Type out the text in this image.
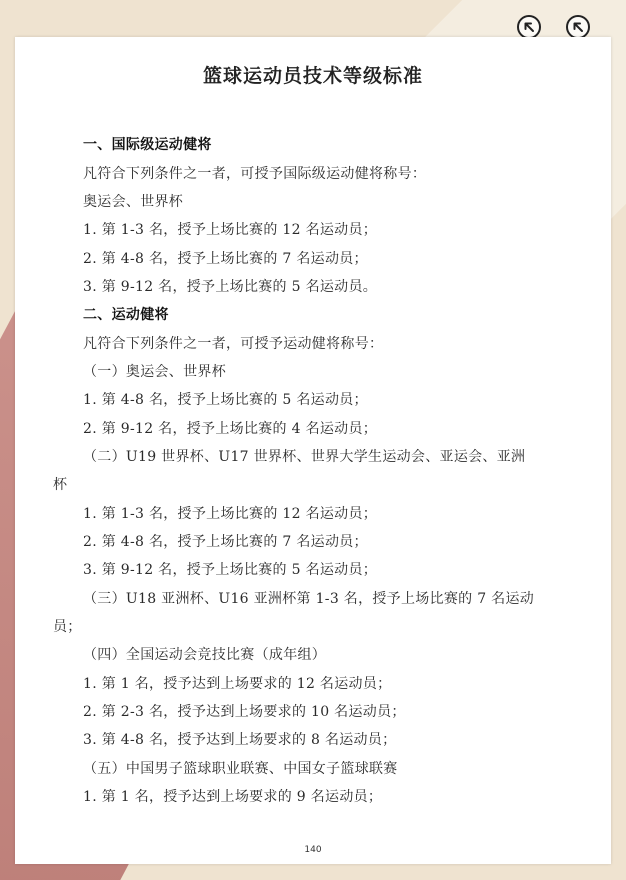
篮球运动员技术等级标准
一、国际级运动健将
凡符合下列条件之一者，可授予国际级运动健将称号：
奥运会、世界杯
1. 第 1-3 名，授予上场比赛的 12 名运动员；
2. 第 4-8 名，授予上场比赛的 7 名运动员；
3. 第 9-12 名，授予上场比赛的 5 名运动员。
二、运动健将
凡符合下列条件之一者，可授予运动健将称号：
（一）奥运会、世界杯
1. 第 4-8 名，授予上场比赛的 5 名运动员；
2. 第 9-12 名，授予上场比赛的 4 名运动员；
（二）U19 世界杯、U17 世界杯、世界大学生运动会、亚运会、亚洲
杯
1. 第 1-3 名，授予上场比赛的 12 名运动员；
2. 第 4-8 名，授予上场比赛的 7 名运动员；
3. 第 9-12 名，授予上场比赛的 5 名运动员；
（三）U18 亚洲杯、U16 亚洲杯第 1-3 名，授予上场比赛的 7 名运动
员；
（四）全国运动会竞技比赛（成年组）
1. 第 1 名，授予达到上场要求的 12 名运动员；
2. 第 2-3 名，授予达到上场要求的 10 名运动员；
3. 第 4-8 名，授予达到上场要求的 8 名运动员；
（五）中国男子篮球职业联赛、中国女子篮球联赛
1. 第 1 名，授予达到上场要求的 9 名运动员；
140
